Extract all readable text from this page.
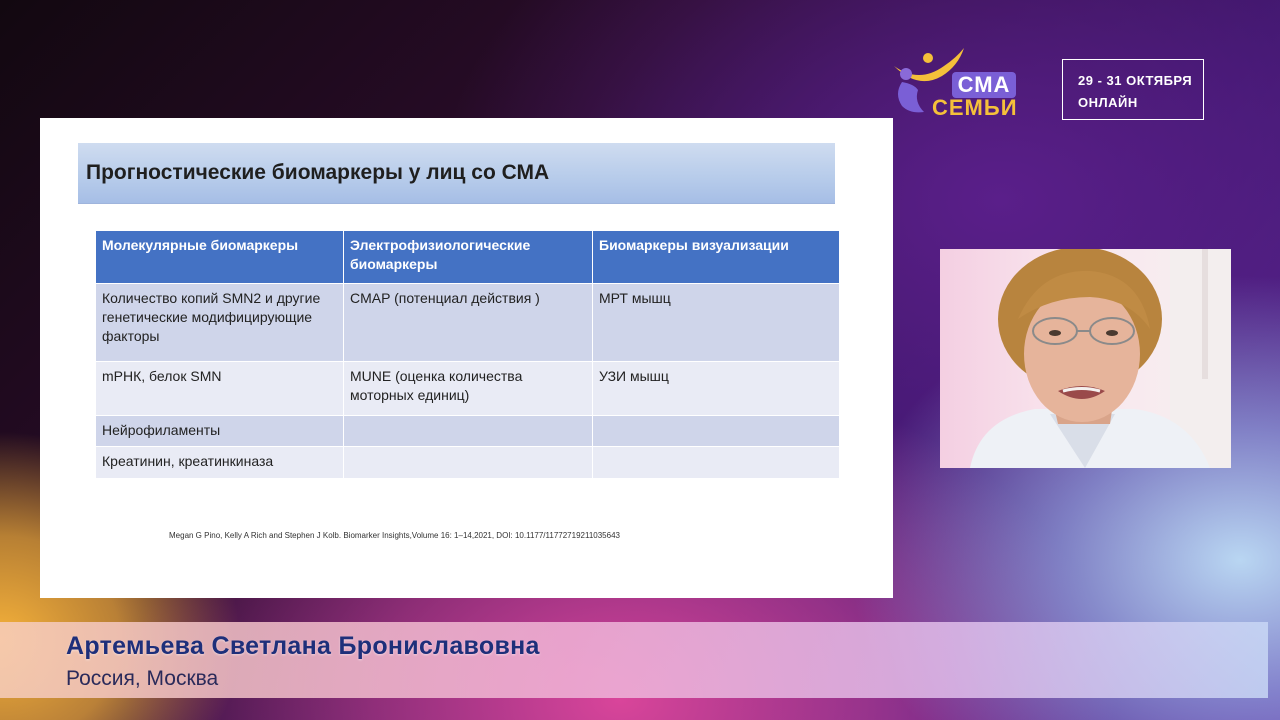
СМА
СЕМЬИ
29 - 31 ОКТЯБРЯ
ОНЛАЙН
Прогностические биомаркеры у лиц со СМА
Молекулярные биомаркеры	Электрофизиологические биомаркеры	Биомаркеры визуализации
Количество копий SMN2 и другие генетические модифицирующие факторы	CMAP (потенциал действия )	МРТ мышц
mРНК, белок SMN	MUNE (оценка количества моторных единиц)	УЗИ мышц
Нейрофиламенты		
Креатинин, креатинкиназа		
Megan G Pino, Kelly A Rich and Stephen J Kolb. Biomarker Insights,Volume 16: 1–14,2021, DOI: 10.1177/11772719211035643
Артемьева Светлана Брониславовна
Россия, Москва
